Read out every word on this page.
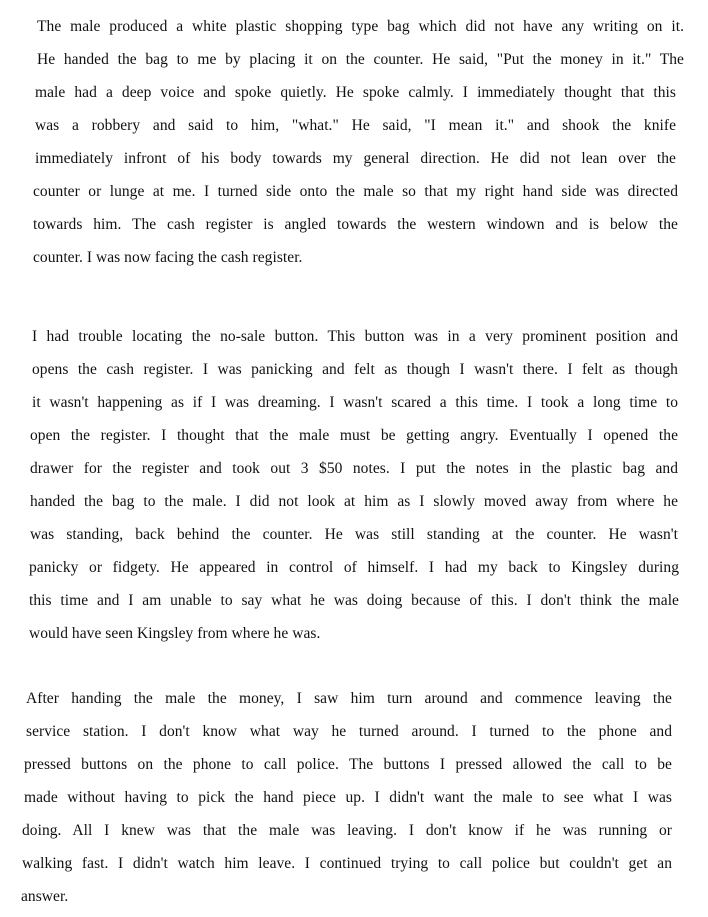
The male produced a white plastic shopping type bag which did not have any writing on it.
He handed the bag to me by placing it on the counter. He said, "Put the money in it." The
male had a deep voice and spoke quietly. He spoke calmly. I immediately thought that this
was a robbery and said to him, "what." He said, "I mean it." and shook the knife
immediately infront of his body towards my general direction. He did not lean over the
counter or lunge at me. I turned side onto the male so that my right hand side was directed
towards him. The cash register is angled towards the western windown and is below the
counter. I was now facing the cash register.
I had trouble locating the no-sale button. This button was in a very prominent position and
opens the cash register. I was panicking and felt as though I wasn't there. I felt as though
it wasn't happening as if I was dreaming. I wasn't scared a this time. I took a long time to
open the register. I thought that the male must be getting angry. Eventually I opened the
drawer for the register and took out 3 $50 notes. I put the notes in the plastic bag and
handed the bag to the male. I did not look at him as I slowly moved away from where he
was standing, back behind the counter. He was still standing at the counter. He wasn't
panicky or fidgety. He appeared in control of himself. I had my back to Kingsley during
this time and I am unable to say what he was doing because of this. I don't think the male
would have seen Kingsley from where he was.
After handing the male the money, I saw him turn around and commence leaving the
service station. I don't know what way he turned around. I turned to the phone and
pressed buttons on the phone to call police. The buttons I pressed allowed the call to be
made without having to pick the hand piece up. I didn't want the male to see what I was
doing. All I knew was that the male was leaving. I don't know if he was running or
walking fast. I didn't watch him leave. I continued trying to call police but couldn't get an
answer.
